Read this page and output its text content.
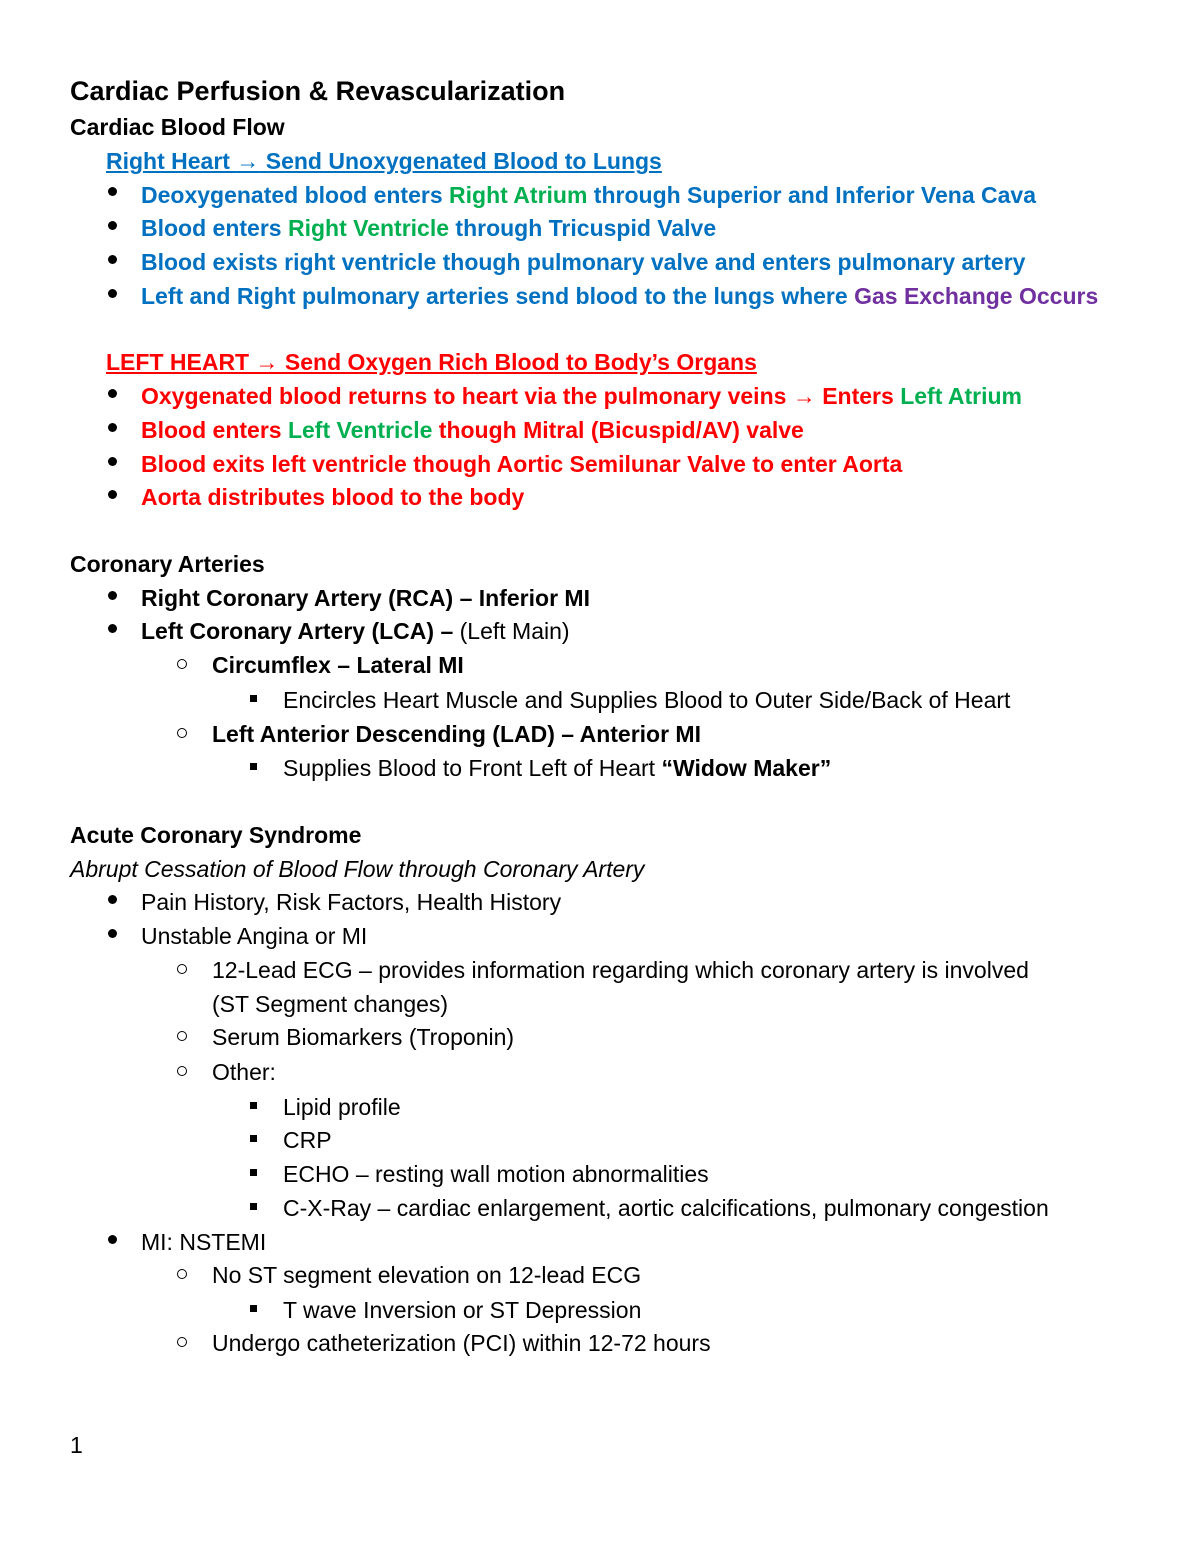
Cardiac Perfusion & Revascularization
Cardiac Blood Flow
Right Heart → Send Unoxygenated Blood to Lungs
Deoxygenated blood enters Right Atrium through Superior and Inferior Vena Cava
Blood enters Right Ventricle through Tricuspid Valve
Blood exists right ventricle though pulmonary valve and enters pulmonary artery
Left and Right pulmonary arteries send blood to the lungs where Gas Exchange Occurs
LEFT HEART → Send Oxygen Rich Blood to Body’s Organs
Oxygenated blood returns to heart via the pulmonary veins → Enters Left Atrium
Blood enters Left Ventricle though Mitral (Bicuspid/AV) valve
Blood exits left ventricle though Aortic Semilunar Valve to enter Aorta
Aorta distributes blood to the body
Coronary Arteries
Right Coronary Artery (RCA) – Inferior MI
Left Coronary Artery (LCA) – (Left Main)
Circumflex – Lateral MI
Encircles Heart Muscle and Supplies Blood to Outer Side/Back of Heart
Left Anterior Descending (LAD) – Anterior MI
Supplies Blood to Front Left of Heart “Widow Maker”
Acute Coronary Syndrome
Abrupt Cessation of Blood Flow through Coronary Artery
Pain History, Risk Factors, Health History
Unstable Angina or MI
12-Lead ECG – provides information regarding which coronary artery is involved
(ST Segment changes)
Serum Biomarkers (Troponin)
Other:
Lipid profile
CRP
ECHO – resting wall motion abnormalities
C-X-Ray – cardiac enlargement, aortic calcifications, pulmonary congestion
MI: NSTEMI
No ST segment elevation on 12-lead ECG
T wave Inversion or ST Depression
Undergo catheterization (PCI) within 12-72 hours
1
